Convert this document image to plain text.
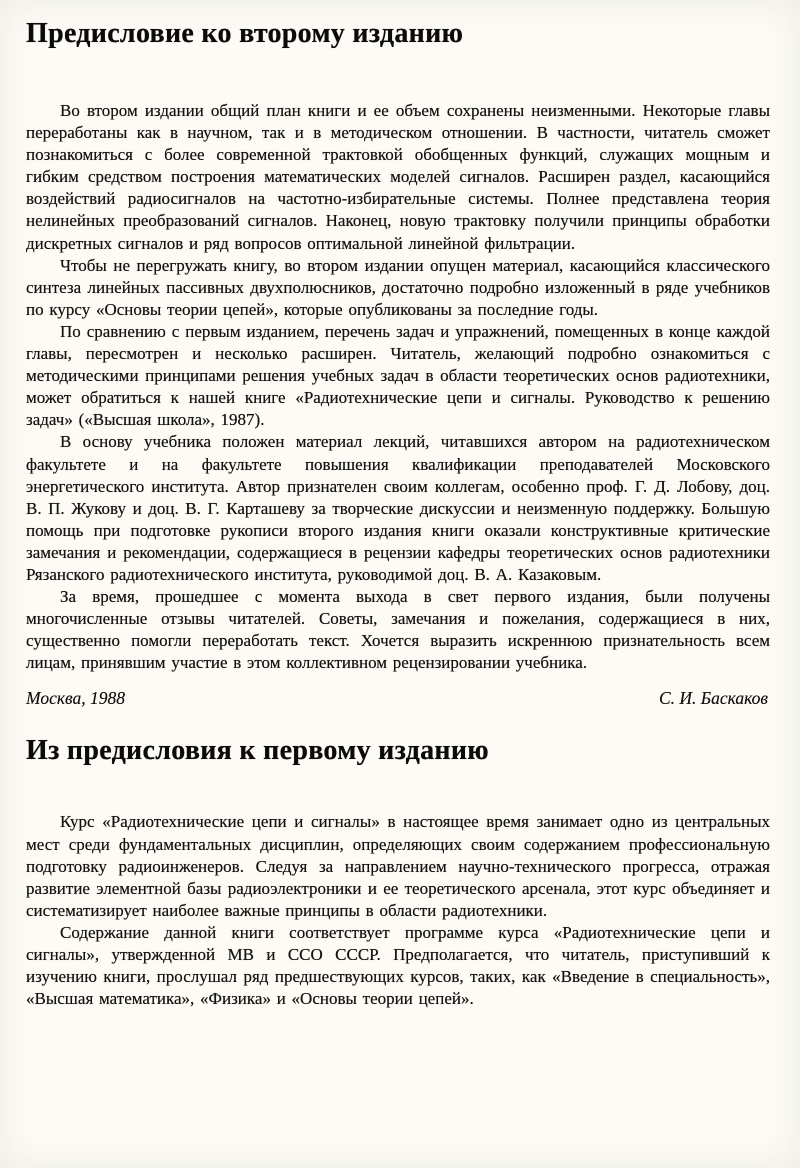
Предисловие ко второму изданию

Во втором издании общий план книги и ее объем сохранены неизменными. Некоторые главы переработаны как в научном, так и в методическом отношении. В частности, читатель сможет познакомиться с более современной трактовкой обобщенных функций, служащих мощным и гибким средством построения математических моделей сигналов. Расширен раздел, касающийся воздействий радиосигналов на частотно-избирательные системы. Полнее представлена теория нелинейных преобразований сигналов. Наконец, новую трактовку получили принципы обработки дискретных сигналов и ряд вопросов оптимальной линейной фильтрации.

Чтобы не перегружать книгу, во втором издании опущен материал, касающийся классического синтеза линейных пассивных двухполюсников, достаточно подробно изложенный в ряде учебников по курсу «Основы теории цепей», которые опубликованы за последние годы.

По сравнению с первым изданием, перечень задач и упражнений, помещенных в конце каждой главы, пересмотрен и несколько расширен. Читатель, желающий подробно ознакомиться с методическими принципами решения учебных задач в области теоретических основ радиотехники, может обратиться к нашей книге «Радиотехнические цепи и сигналы. Руководство к решению задач» («Высшая школа», 1987).

В основу учебника положен материал лекций, читавшихся автором на радиотехническом факультете и на факультете повышения квалификации преподавателей Московского энергетического института. Автор признателен своим коллегам, особенно проф. Г. Д. Лобову, доц. В. П. Жукову и доц. В. Г. Карташеву за творческие дискуссии и неизменную поддержку. Большую помощь при подготовке рукописи второго издания книги оказали конструктивные критические замечания и рекомендации, содержащиеся в рецензии кафедры теоретических основ радиотехники Рязанского радиотехнического института, руководимой доц. В. А. Казаковым.

За время, прошедшее с момента выхода в свет первого издания, были получены многочисленные отзывы читателей. Советы, замечания и пожелания, содержащиеся в них, существенно помогли переработать текст. Хочется выразить искреннюю признательность всем лицам, принявшим участие в этом коллективном рецензировании учебника.

Москва, 1988	С. И. Баскаков
Из предисловия к первому изданию

Курс «Радиотехнические цепи и сигналы» в настоящее время занимает одно из центральных мест среди фундаментальных дисциплин, определяющих своим содержанием профессиональную подготовку радиоинженеров. Следуя за направлением научно-технического прогресса, отражая развитие элементной базы радиоэлектроники и ее теоретического арсенала, этот курс объединяет и систематизирует наиболее важные принципы в области радиотехники.

Содержание данной книги соответствует программе курса «Радиотехнические цепи и сигналы», утвержденной МВ и ССО СССР. Предполагается, что читатель, приступивший к изучению книги, прослушал ряд предшествующих курсов, таких, как «Введение в специальность», «Высшая математика», «Физика» и «Основы теории цепей».
